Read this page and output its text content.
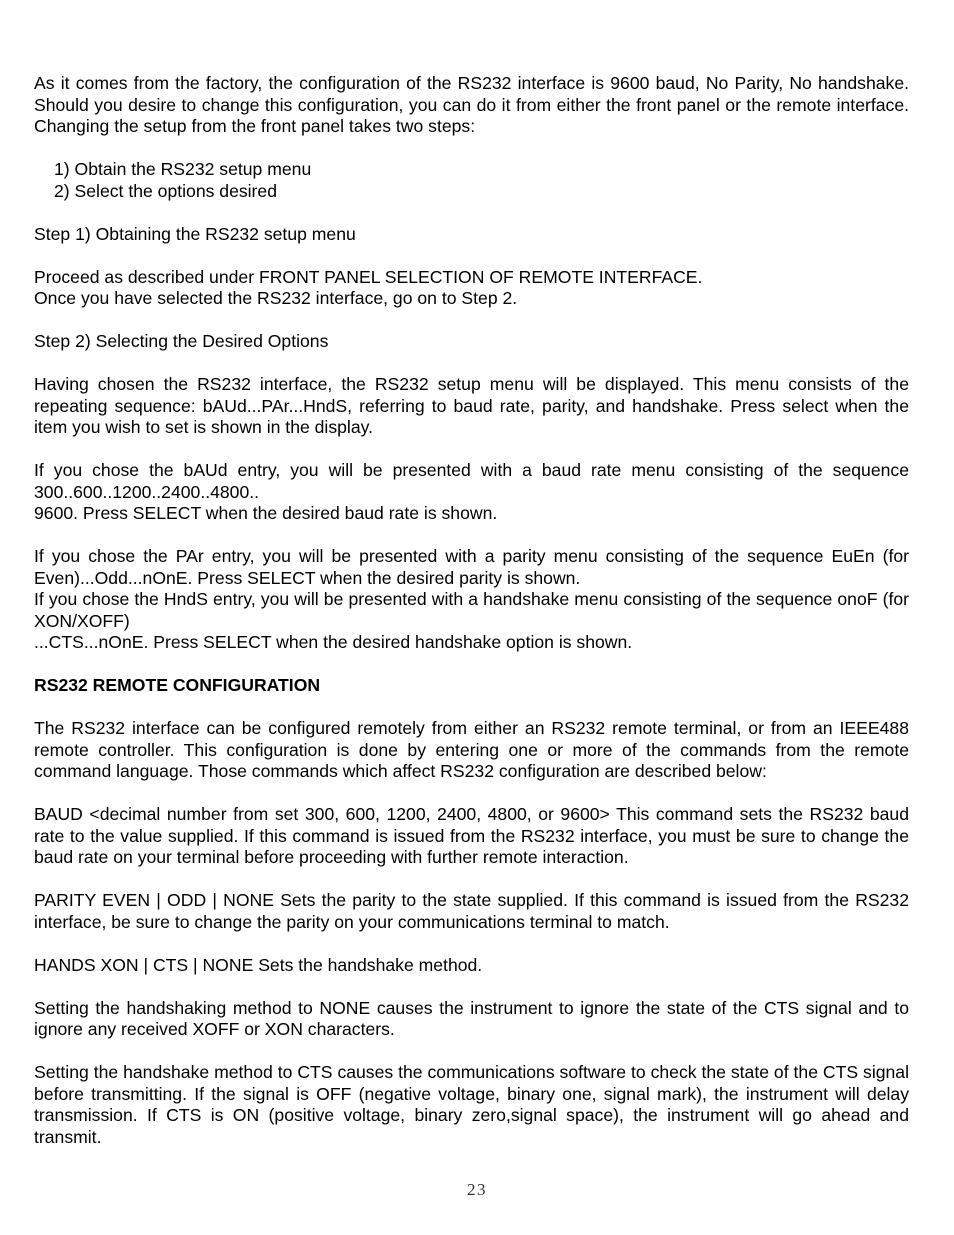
As it comes from the factory, the configuration of the RS232 interface is 9600 baud, No Parity, No handshake. Should you desire to change this configuration, you can do it from either the front panel or the remote interface. Changing the setup from the front panel takes two steps:

1) Obtain the RS232 setup menu
2) Select the options desired

Step 1) Obtaining the RS232 setup menu

Proceed as described under FRONT PANEL SELECTION OF REMOTE INTERFACE.
Once you have selected the RS232 interface, go on to Step 2.

Step 2) Selecting the Desired Options

Having chosen the RS232 interface, the RS232 setup menu will be displayed. This menu consists of the repeating sequence: bAUd...PAr...HndS, referring to baud rate, parity, and handshake. Press select when the item you wish to set is shown in the display.

If you chose the bAUd entry, you will be presented with a baud rate menu consisting of the sequence 300..600..1200..2400..4800..
9600. Press SELECT when the desired baud rate is shown.
If you chose the PAr entry, you will be presented with a parity menu consisting of the sequence EuEn (for Even)...Odd...nOnE. Press SELECT when the desired parity is shown.
If you chose the HndS entry, you will be presented with a handshake menu consisting of the sequence onoF (for XON/XOFF)
...CTS...nOnE. Press SELECT when the desired handshake option is shown.
RS232 REMOTE CONFIGURATION

The RS232 interface can be configured remotely from either an RS232 remote terminal, or from an IEEE488 remote controller. This configuration is done by entering one or more of the commands from the remote command language. Those commands which affect RS232 configuration are described below:

BAUD <decimal number from set 300, 600, 1200, 2400, 4800, or 9600> This command sets the RS232 baud rate to the value supplied. If this command is issued from the RS232 interface, you must be sure to change the baud rate on your terminal before proceeding with further remote interaction.

PARITY EVEN | ODD | NONE Sets the parity to the state supplied. If this command is issued from the RS232 interface, be sure to change the parity on your communications terminal to match.

HANDS XON | CTS | NONE Sets the handshake method.

Setting the handshaking method to NONE causes the instrument to ignore the state of the CTS signal and to ignore any received XOFF or XON characters.

Setting the handshake method to CTS causes the communications software to check the state of the CTS signal before transmitting. If the signal is OFF (negative voltage, binary one, signal mark), the instrument will delay transmission. If CTS is ON (positive voltage, binary zero,signal space), the instrument will go ahead and transmit.

23
